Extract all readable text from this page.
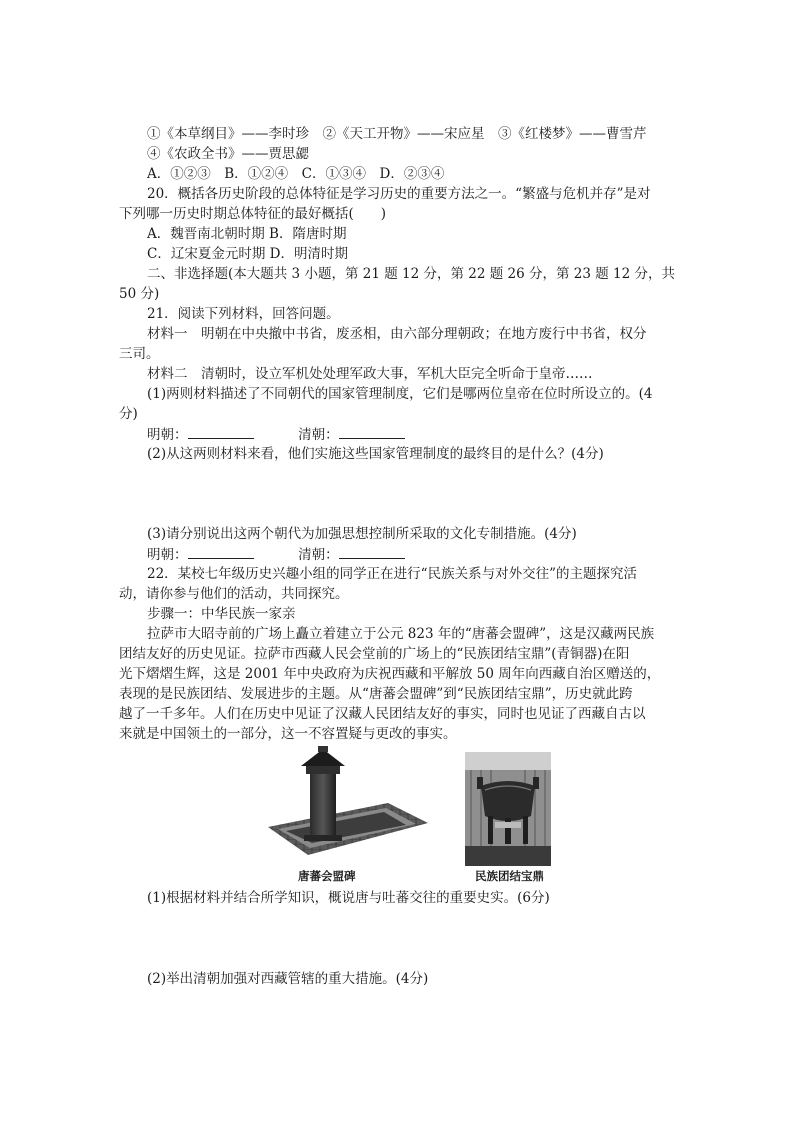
①《本草纲目》——李时珍　②《天工开物》——宋应星　③《红楼梦》——曹雪芹
④《农政全书》——贾思勰
A．①②③　B．①②④　C．①③④　D．②③④
20．概括各历史阶段的总体特征是学习历史的重要方法之一。“繁盛与危机并存”是对
下列哪一历史时期总体特征的最好概括(　　)
A．魏晋南北朝时期 B．隋唐时期
C．辽宋夏金元时期 D．明清时期
二、非选择题(本大题共 3 小题，第 21 题 12 分，第 22 题 26 分，第 23 题 12 分，共
50 分)
21．阅读下列材料，回答问题。
材料一　明朝在中央撤中书省，废丞相，由六部分理朝政；在地方废行中书省，权分
三司。
材料二　清朝时，设立军机处处理军政大事，军机大臣完全听命于皇帝……
(1)两则材料描述了不同朝代的国家管理制度，它们是哪两位皇帝在位时所设立的。(4
分)
明朝：	清朝：
(2)从这两则材料来看，他们实施这些国家管理制度的最终目的是什么？(4分)
(3)请分别说出这两个朝代为加强思想控制所采取的文化专制措施。(4分)
明朝：	清朝：
22．某校七年级历史兴趣小组的同学正在进行“民族关系与对外交往”的主题探究活
动，请你参与他们的活动，共同探究。
步骤一：中华民族一家亲
拉萨市大昭寺前的广场上矗立着建立于公元 823 年的“唐蕃会盟碑”，这是汉藏两民族
团结友好的历史见证。拉萨市西藏人民会堂前的广场上的“民族团结宝鼎”(青铜器)在阳
光下熠熠生辉，这是 2001 年中央政府为庆祝西藏和平解放 50 周年向西藏自治区赠送的，
表现的是民族团结、发展进步的主题。从“唐蕃会盟碑”到“民族团结宝鼎”，历史就此跨
越了一千多年。人们在历史中见证了汉藏人民团结友好的事实，同时也见证了西藏自古以
来就是中国领土的一部分，这一不容置疑与更改的事实。
唐蕃会盟碑	民族团结宝鼎
(1)根据材料并结合所学知识，概说唐与吐蕃交往的重要史实。(6分)
(2)举出清朝加强对西藏管辖的重大措施。(4分)
